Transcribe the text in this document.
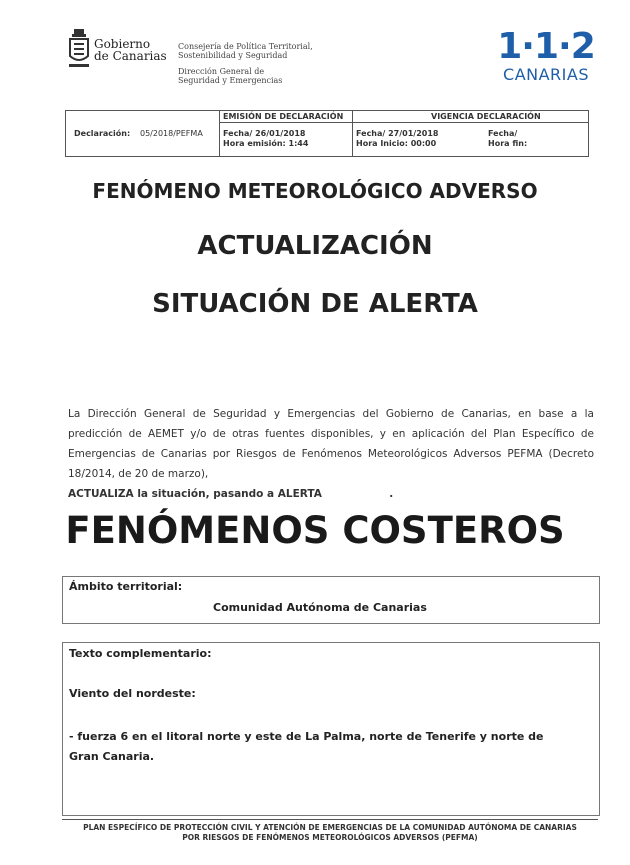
Gobierno
de Canarias
Consejería de Política Territorial,
Sostenibilidad y Seguridad
Dirección General de
Seguridad y Emergencias
1·1·2
CANARIAS
Declaración: 05/2018/PEFMA
EMISIÓN DE DECLARACIÓN
Fecha/ 26/01/2018
Hora emisión: 1:44
VIGENCIA DECLARACIÓN
Fecha/ 27/01/2018
Hora Inicio: 00:00
Fecha/
Hora fin:
FENÓMENO METEOROLÓGICO ADVERSO
ACTUALIZACIÓN
SITUACIÓN DE ALERTA
La Dirección General de Seguridad y Emergencias del Gobierno de Canarias, en base a la predicción de AEMET y/o de otras fuentes disponibles, y en aplicación del Plan Específico de Emergencias de Canarias por Riesgos de Fenómenos Meteorológicos Adversos PEFMA (Decreto 18/2014, de 20 de marzo),
ACTUALIZA la situación, pasando a ALERTA	.
FENÓMENOS COSTEROS
Ámbito territorial:
Comunidad Autónoma de Canarias
Texto complementario:
Viento del nordeste:
- fuerza 6 en el litoral norte y este de La Palma, norte de Tenerife y norte de Gran Canaria.
PLAN ESPECÍFICO DE PROTECCIÓN CIVIL Y ATENCIÓN DE EMERGENCIAS DE LA COMUNIDAD AUTÓNOMA DE CANARIAS
POR RIESGOS DE FENÓMENOS METEOROLÓGICOS ADVERSOS (PEFMA)
